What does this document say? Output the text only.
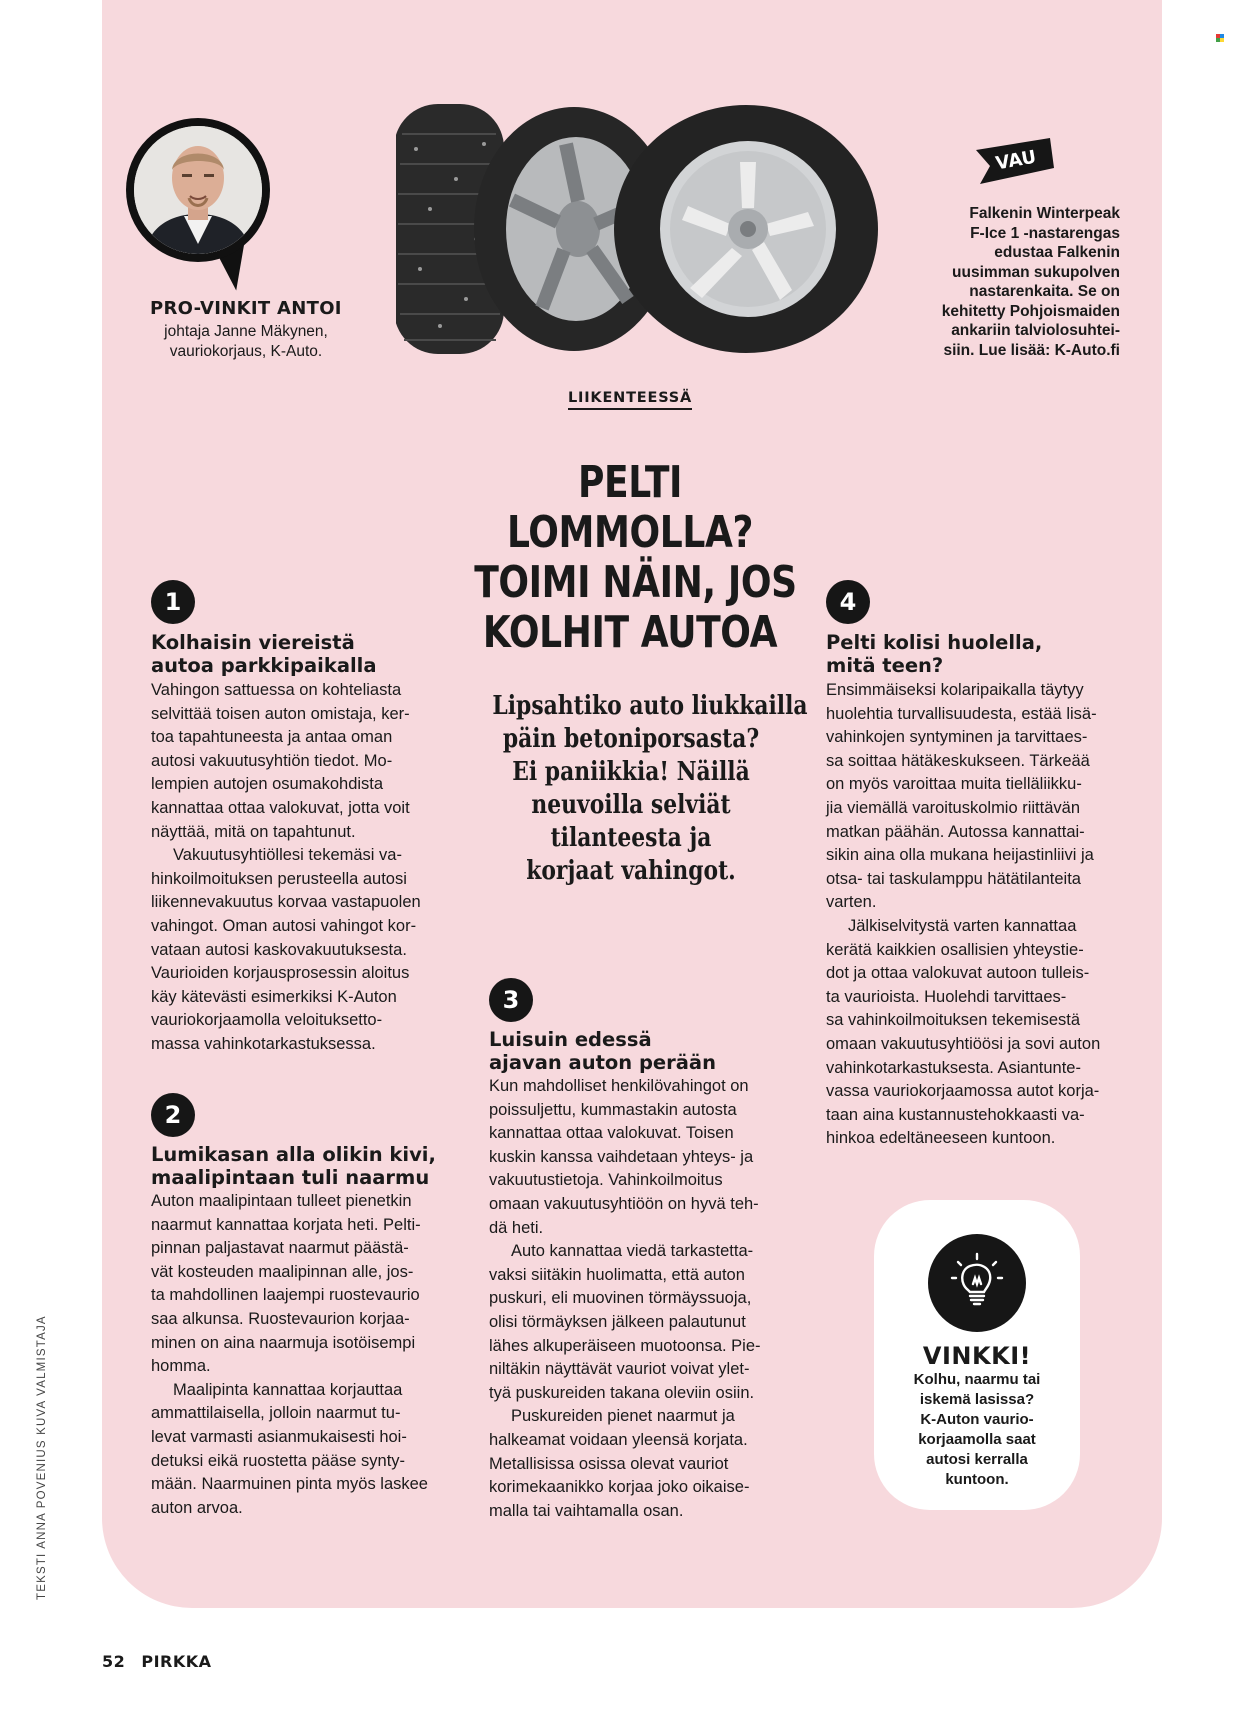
PRO-VINKIT ANTOI
johtaja Janne Mäkynen,
vauriokorjaus, K-Auto.
VAU
Falkenin Winterpeak
F-Ice 1 -nastarengas
edustaa Falkenin
uusimman sukupolven
nastarenkaita. Se on
kehitetty Pohjoismaiden
ankariin talviolosuhtei-
siin. Lue lisää: K-Auto.fi
LIIKENTEESSÄ
PELTI
LOMMOLLA?
TOIMI NÄIN, JOS
KOLHIT AUTOA
Lipsahtiko auto liukkailla
päin betoniporsasta?
Ei paniikkia! Näillä
neuvoilla selviät
tilanteesta ja
korjaat vahingot.
1
Kolhaisin viereistä
autoa parkkipaikalla
Vahingon sattuessa on kohteliasta
selvittää toisen auton omistaja, ker-
toa tapahtuneesta ja antaa oman
autosi vakuutusyhtiön tiedot. Mo-
lempien autojen osumakohdista
kannattaa ottaa valokuvat, jotta voit
näyttää, mitä on tapahtunut.
Vakuutusyhtiöllesi tekemäsi va-
hinkoilmoituksen perusteella autosi
liikennevakuutus korvaa vastapuolen
vahingot. Oman autosi vahingot kor-
vataan autosi kaskovakuutuksesta.
Vaurioiden korjausprosessin aloitus
käy kätevästi esimerkiksi K-Auton
vauriokorjaamolla veloituksetto-
massa vahinkotarkastuksessa.
2
Lumikasan alla olikin kivi,
maalipintaan tuli naarmu
Auton maalipintaan tulleet pienetkin
naarmut kannattaa korjata heti. Pelti-
pinnan paljastavat naarmut päästä-
vät kosteuden maalipinnan alle, jos-
ta mahdollinen laajempi ruostevaurio
saa alkunsa. Ruostevaurion korjaa-
minen on aina naarmuja isotöisempi
homma.
Maalipinta kannattaa korjauttaa
ammattilaisella, jolloin naarmut tu-
levat varmasti asianmukaisesti hoi-
detuksi eikä ruostetta pääse synty-
mään. Naarmuinen pinta myös laskee
auton arvoa.
3
Luisuin edessä
ajavan auton perään
Kun mahdolliset henkilövahingot on
poissuljettu, kummastakin autosta
kannattaa ottaa valokuvat. Toisen
kuskin kanssa vaihdetaan yhteys- ja
vakuutustietoja. Vahinkoilmoitus
omaan vakuutusyhtiöön on hyvä teh-
dä heti.
Auto kannattaa viedä tarkastetta-
vaksi siitäkin huolimatta, että auton
puskuri, eli muovinen törmäyssuoja,
olisi törmäyksen jälkeen palautunut
lähes alkuperäiseen muotoonsa. Pie-
niltäkin näyttävät vauriot voivat ylet-
tyä puskureiden takana oleviin osiin.
Puskureiden pienet naarmut ja
halkeamat voidaan yleensä korjata.
Metallisissa osissa olevat vauriot
korimekaanikko korjaa joko oikaise-
malla tai vaihtamalla osan.
4
Pelti kolisi huolella,
mitä teen?
Ensimmäiseksi kolaripaikalla täytyy
huolehtia turvallisuudesta, estää lisä-
vahinkojen syntyminen ja tarvittaes-
sa soittaa hätäkeskukseen. Tärkeää
on myös varoittaa muita tielläliikku-
jia viemällä varoituskolmio riittävän
matkan päähän. Autossa kannattai-
sikin aina olla mukana heijastinliivi ja
otsa- tai taskulamppu hätätilanteita
varten.
Jälkiselvitystä varten kannattaa
kerätä kaikkien osallisien yhteystie-
dot ja ottaa valokuvat autoon tulleis-
ta vaurioista. Huolehdi tarvittaes-
sa vahinkoilmoituksen tekemisestä
omaan vakuutusyhtiöösi ja sovi auton
vahinkotarkastuksesta. Asiantunte-
vassa vauriokorjaamossa autot korja-
taan aina kustannustehokkaasti va-
hinkoa edeltäneeseen kuntoon.
VINKKI!
Kolhu, naarmu tai
iskemä lasissa?
K-Auton vaurio-
korjaamolla saat
autosi kerralla
kuntoon.
TEKSTI ANNA POVENIUS KUVA VALMISTAJA
52 PIRKKA
